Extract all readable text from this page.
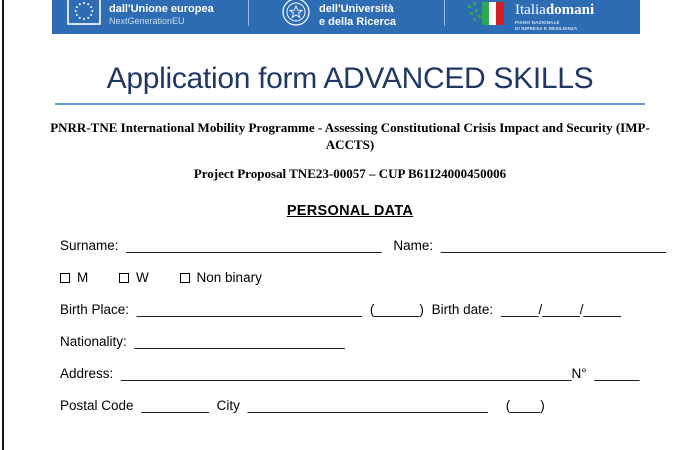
dall'Unione europea
NextGenerationEU
dell'Università
e della Ricerca
Italiadomani
PIANO NAZIONALE
DI RIPRESA E RESILIENZA
Application form ADVANCED SKILLS
PNRR-TNE International Mobility Programme - Assessing Constitutional Crisis Impact and Security (IMP-ACCTS)
Project Proposal TNE23-00057 – CUP B61I24000450006
PERSONAL DATA
Surname: __________________________________ Name: ______________________________
M	W	Non binary
Birth Place: ______________________________ (______) Birth date: _____/_____/_____
Nationality: ____________________________
Address: ____________________________________________________________N° ______
Postal Code _________ City ________________________________ (____)
